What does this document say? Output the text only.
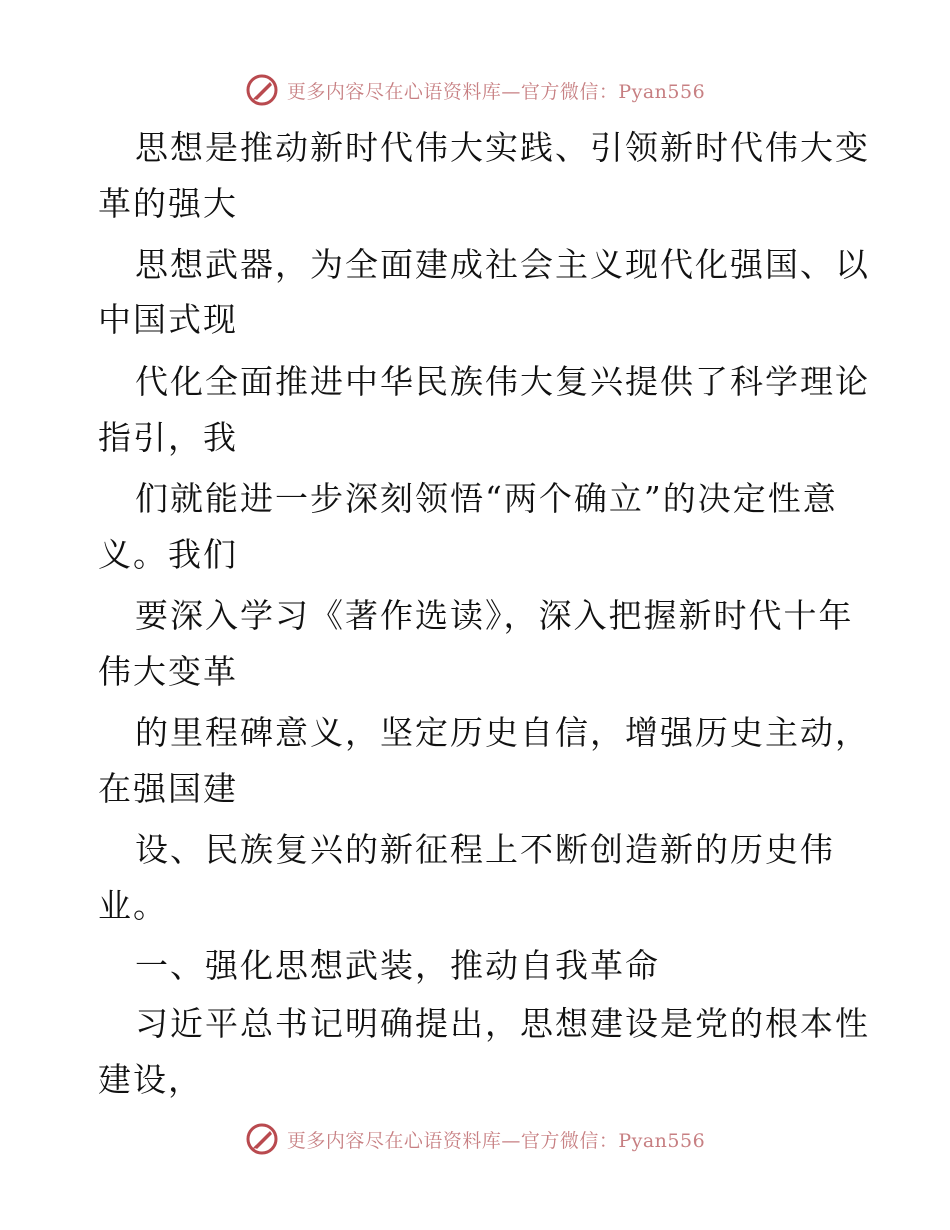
更多内容尽在心语资料库—官方微信：Pyan556
思想是推动新时代伟大实践、引领新时代伟大变
革的强大
思想武器，为全面建成社会主义现代化强国、以
中国式现
代化全面推进中华民族伟大复兴提供了科学理论
指引，我
们就能进一步深刻领悟“两个确立”的决定性意
义。我们
要深入学习《著作选读》，深入把握新时代十年
伟大变革
的里程碑意义，坚定历史自信，增强历史主动，
在强国建
设、民族复兴的新征程上不断创造新的历史伟
业。
一、强化思想武装，推动自我革命
习近平总书记明确提出，思想建设是党的根本性
建设，
更多内容尽在心语资料库—官方微信：Pyan556
